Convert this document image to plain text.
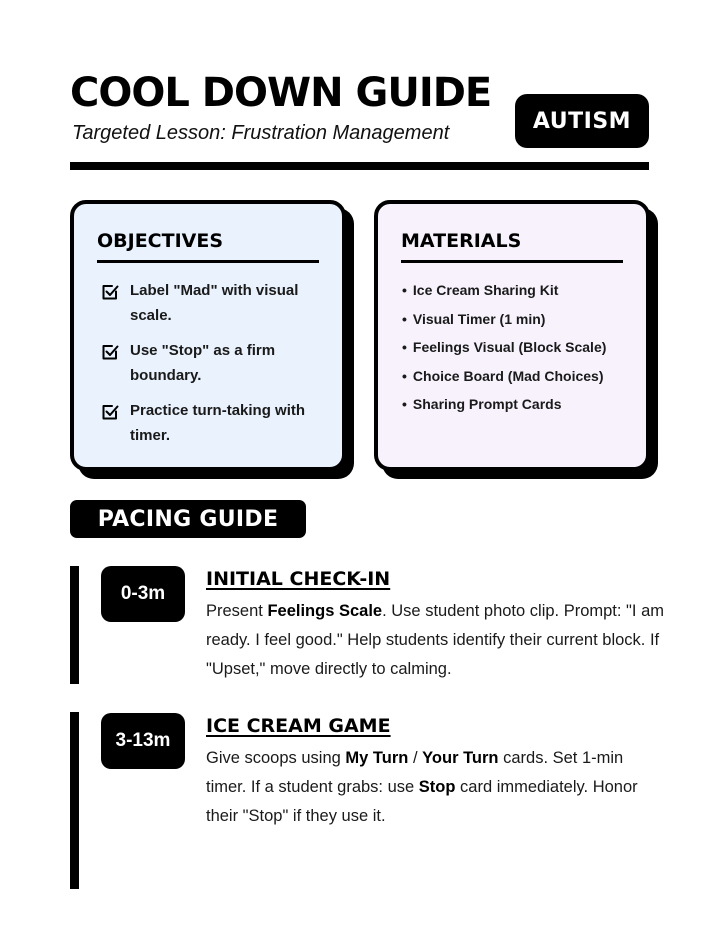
COOL DOWN GUIDE
Targeted Lesson: Frustration Management	AUTISM
OBJECTIVES
Label "Mad" with visual scale.
Use "Stop" as a firm boundary.
Practice turn-taking with timer.
MATERIALS
• Ice Cream Sharing Kit
• Visual Timer (1 min)
• Feelings Visual (Block Scale)
• Choice Board (Mad Choices)
• Sharing Prompt Cards
PACING GUIDE
0-3m
INITIAL CHECK-IN
Present Feelings Scale. Use student photo clip. Prompt: "I am ready. I feel good." Help students identify their current block. If "Upset," move directly to calming.
3-13m
ICE CREAM GAME
Give scoops using My Turn / Your Turn cards. Set 1-min timer. If a student grabs: use Stop card immediately. Honor their "Stop" if they use it.
